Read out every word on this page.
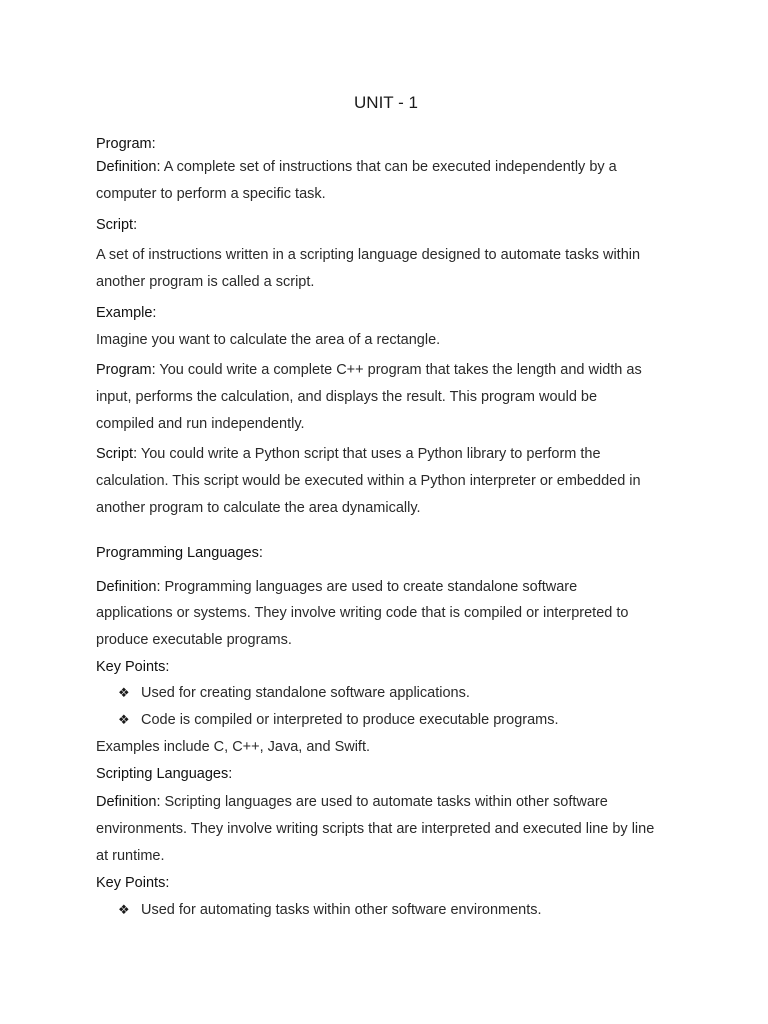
UNIT - 1
Program:
Definition: A complete set of instructions that can be executed independently by a
computer to perform a specific task.
Script:
A set of instructions written in a scripting language designed to automate tasks within
another program is called a script.
Example:
Imagine you want to calculate the area of a rectangle.
Program: You could write a complete C++ program that takes the length and width as
input, performs the calculation, and displays the result. This program would be
compiled and run independently.
Script: You could write a Python script that uses a Python library to perform the
calculation. This script would be executed within a Python interpreter or embedded in
another program to calculate the area dynamically.
Programming Languages:
Definition: Programming languages are used to create standalone software
applications or systems. They involve writing code that is compiled or interpreted to
produce executable programs.
Key Points:
❖ Used for creating standalone software applications.
❖ Code is compiled or interpreted to produce executable programs.
Examples include C, C++, Java, and Swift.
Scripting Languages:
Definition: Scripting languages are used to automate tasks within other software
environments. They involve writing scripts that are interpreted and executed line by line
at runtime.
Key Points:
❖ Used for automating tasks within other software environments.
